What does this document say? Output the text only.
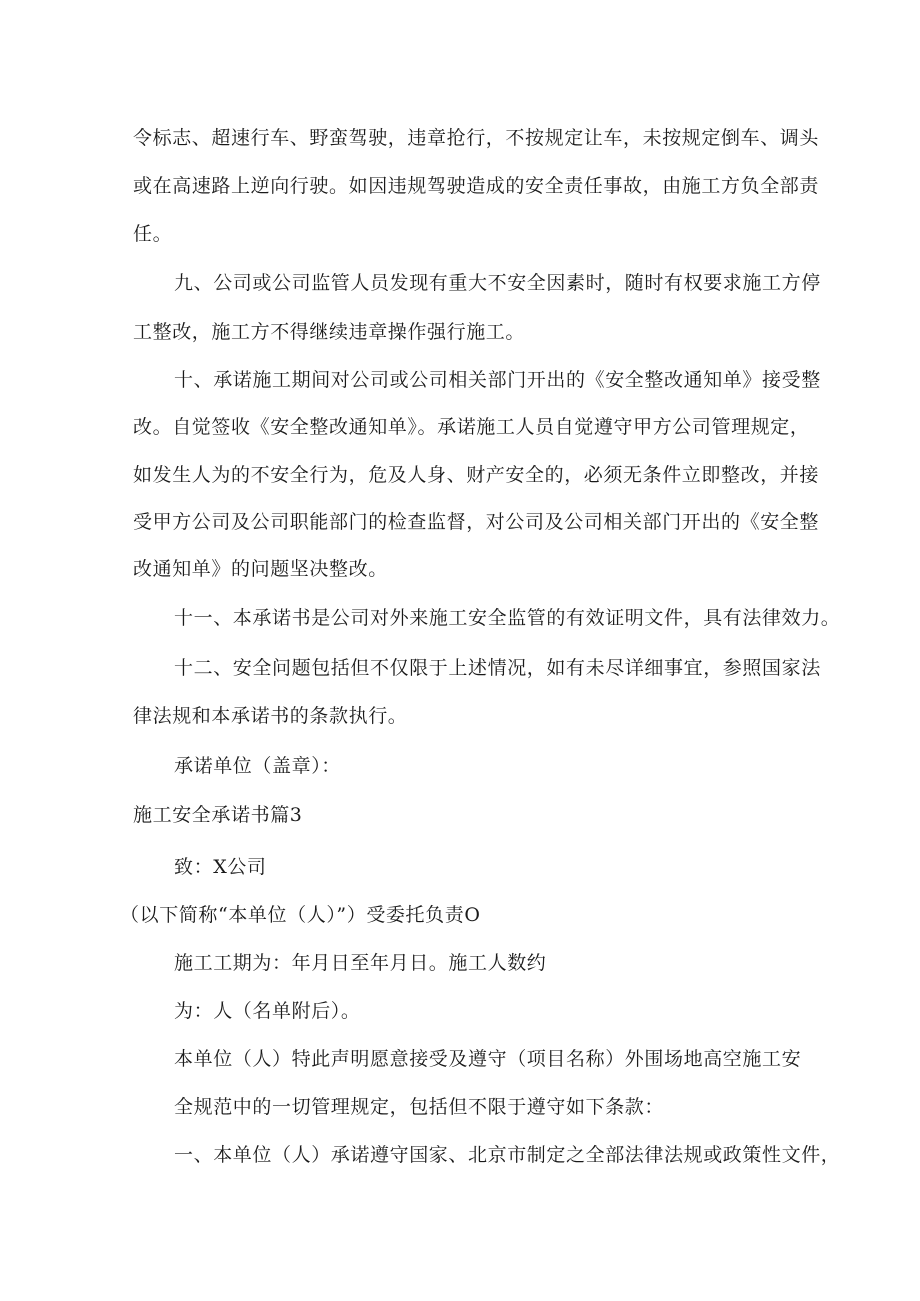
令标志、超速行车、野蛮驾驶，违章抢行，不按规定让车，未按规定倒车、调头
或在高速路上逆向行驶。如因违规驾驶造成的安全责任事故，由施工方负全部责
任。
九、公司或公司监管人员发现有重大不安全因素时，随时有权要求施工方停
工整改，施工方不得继续违章操作强行施工。
十、承诺施工期间对公司或公司相关部门开出的《安全整改通知单》接受整
改。自觉签收《安全整改通知单》。承诺施工人员自觉遵守甲方公司管理规定，
如发生人为的不安全行为，危及人身、财产安全的，必须无条件立即整改，并接
受甲方公司及公司职能部门的检查监督，对公司及公司相关部门开出的《安全整
改通知单》的问题坚决整改。
十一、本承诺书是公司对外来施工安全监管的有效证明文件，具有法律效力。
十二、安全问题包括但不仅限于上述情况，如有未尽详细事宜，参照国家法
律法规和本承诺书的条款执行。
承诺单位（盖章）：
施工安全承诺书篇3
致：X公司
（以下简称“本单位（人）”）受委托负责O
施工工期为：年月日至年月日。施工人数约
为：人（名单附后）。
本单位（人）特此声明愿意接受及遵守（项目名称）外围场地高空施工安
全规范中的一切管理规定，包括但不限于遵守如下条款：
一、本单位（人）承诺遵守国家、北京市制定之全部法律法规或政策性文件，
